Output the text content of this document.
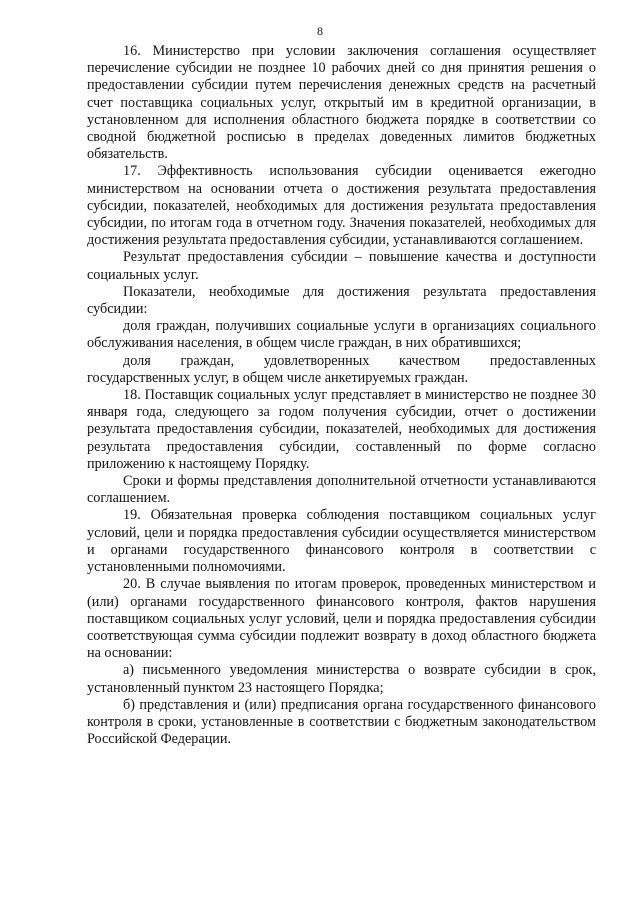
8

16. Министерство при условии заключения соглашения осуществляет перечисление субсидии не позднее 10 рабочих дней со дня принятия решения о предоставлении субсидии путем перечисления денежных средств на расчетный счет поставщика социальных услуг, открытый им в кредитной организации, в установленном для исполнения областного бюджета порядке в соответствии со сводной бюджетной росписью в пределах доведенных лимитов бюджетных обязательств.

17. Эффективность использования субсидии оценивается ежегодно министерством на основании отчета о достижения результата предоставления субсидии, показателей, необходимых для достижения результата предоставления субсидии, по итогам года в отчетном году. Значения показателей, необходимых для достижения результата предоставления субсидии, устанавливаются соглашением.

Результат предоставления субсидии – повышение качества и доступности социальных услуг.

Показатели, необходимые для достижения результата предоставления субсидии:

доля граждан, получивших социальные услуги в организациях социального обслуживания населения, в общем числе граждан, в них обратившихся;

доля граждан, удовлетворенных качеством предоставленных государственных услуг, в общем числе анкетируемых граждан.

18. Поставщик социальных услуг представляет в министерство не позднее 30 января года, следующего за годом получения субсидии, отчет о достижении результата предоставления субсидии, показателей, необходимых для достижения результата предоставления субсидии, составленный по форме согласно приложению к настоящему Порядку.

Сроки и формы представления дополнительной отчетности устанавливаются соглашением.

19. Обязательная проверка соблюдения поставщиком социальных услуг условий, цели и порядка предоставления субсидии осуществляется министерством и органами государственного финансового контроля в соответствии с установленными полномочиями.

20. В случае выявления по итогам проверок, проведенных министерством и (или) органами государственного финансового контроля, фактов нарушения поставщиком социальных услуг условий, цели и порядка предоставления субсидии соответствующая сумма субсидии подлежит возврату в доход областного бюджета на основании:

а) письменного уведомления министерства о возврате субсидии в срок, установленный пунктом 23 настоящего Порядка;

б) представления и (или) предписания органа государственного финансового контроля в сроки, установленные в соответствии с бюджетным законодательством Российской Федерации.
